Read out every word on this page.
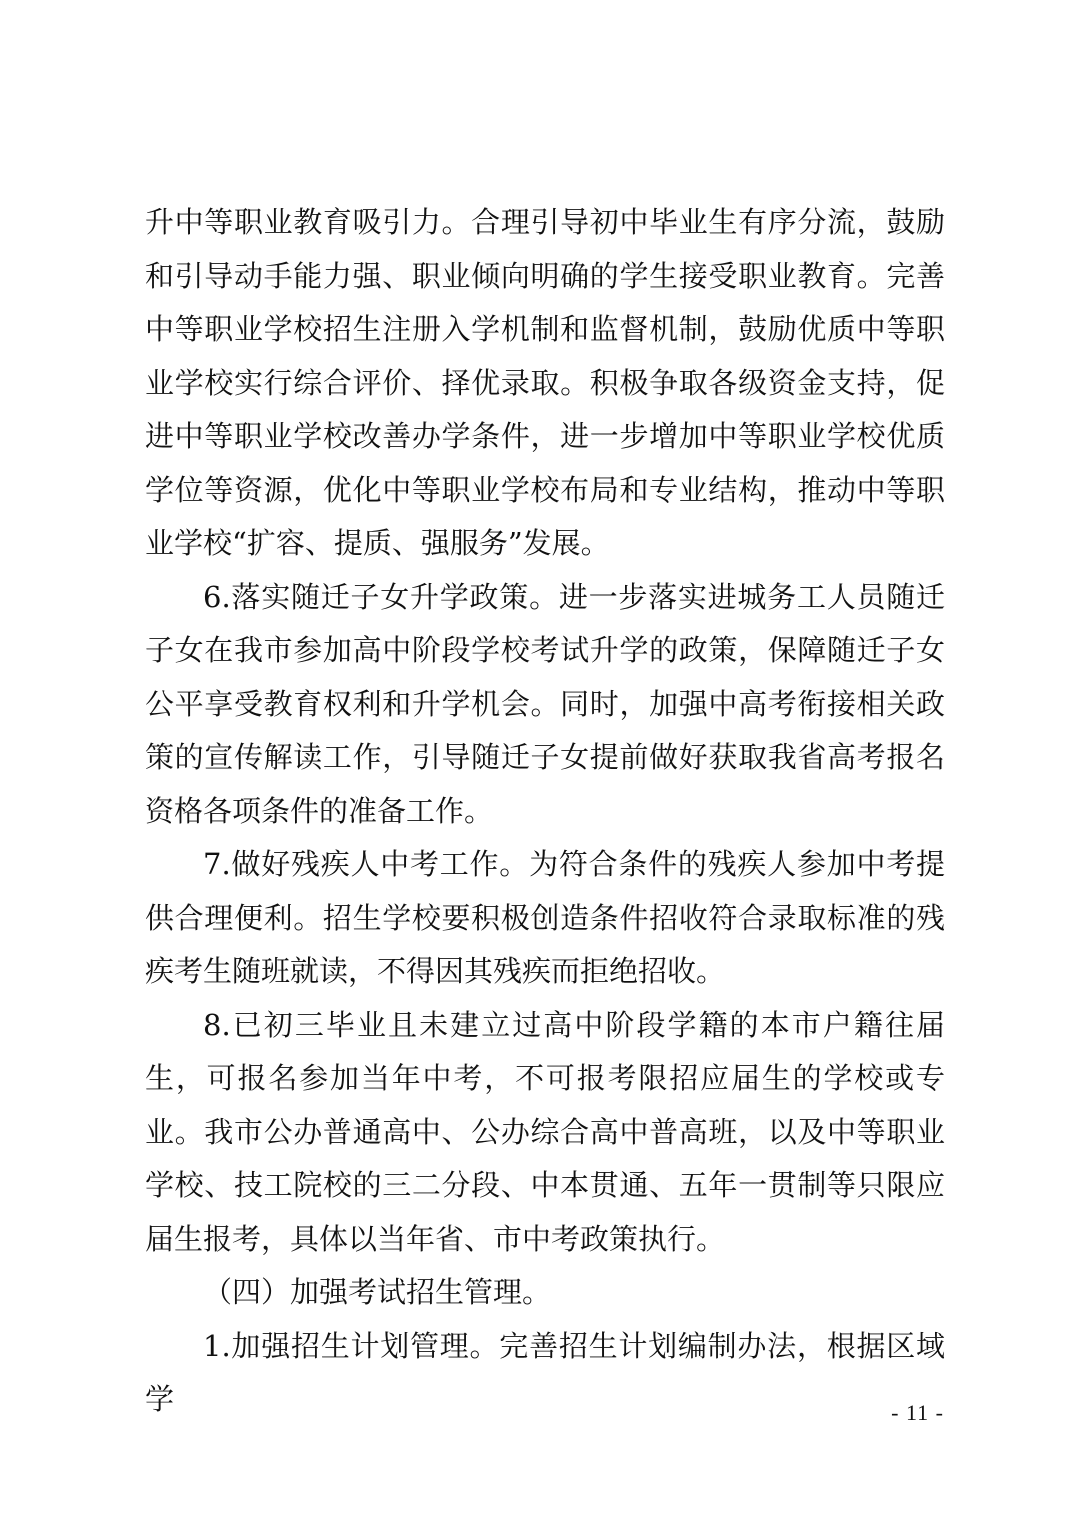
升中等职业教育吸引力。合理引导初中毕业生有序分流，鼓励和引导动手能力强、职业倾向明确的学生接受职业教育。完善中等职业学校招生注册入学机制和监督机制，鼓励优质中等职业学校实行综合评价、择优录取。积极争取各级资金支持，促进中等职业学校改善办学条件，进一步增加中等职业学校优质学位等资源，优化中等职业学校布局和专业结构，推动中等职业学校“扩容、提质、强服务”发展。

6.落实随迁子女升学政策。进一步落实进城务工人员随迁子女在我市参加高中阶段学校考试升学的政策，保障随迁子女公平享受教育权利和升学机会。同时，加强中高考衔接相关政策的宣传解读工作，引导随迁子女提前做好获取我省高考报名资格各项条件的准备工作。

7.做好残疾人中考工作。为符合条件的残疾人参加中考提供合理便利。招生学校要积极创造条件招收符合录取标准的残疾考生随班就读，不得因其残疾而拒绝招收。

8.已初三毕业且未建立过高中阶段学籍的本市户籍往届生，可报名参加当年中考，不可报考限招应届生的学校或专业。我市公办普通高中、公办综合高中普高班，以及中等职业学校、技工院校的三二分段、中本贯通、五年一贯制等只限应届生报考，具体以当年省、市中考政策执行。

（四）加强考试招生管理。

1.加强招生计划管理。完善招生计划编制办法，根据区域学	- 11 -
